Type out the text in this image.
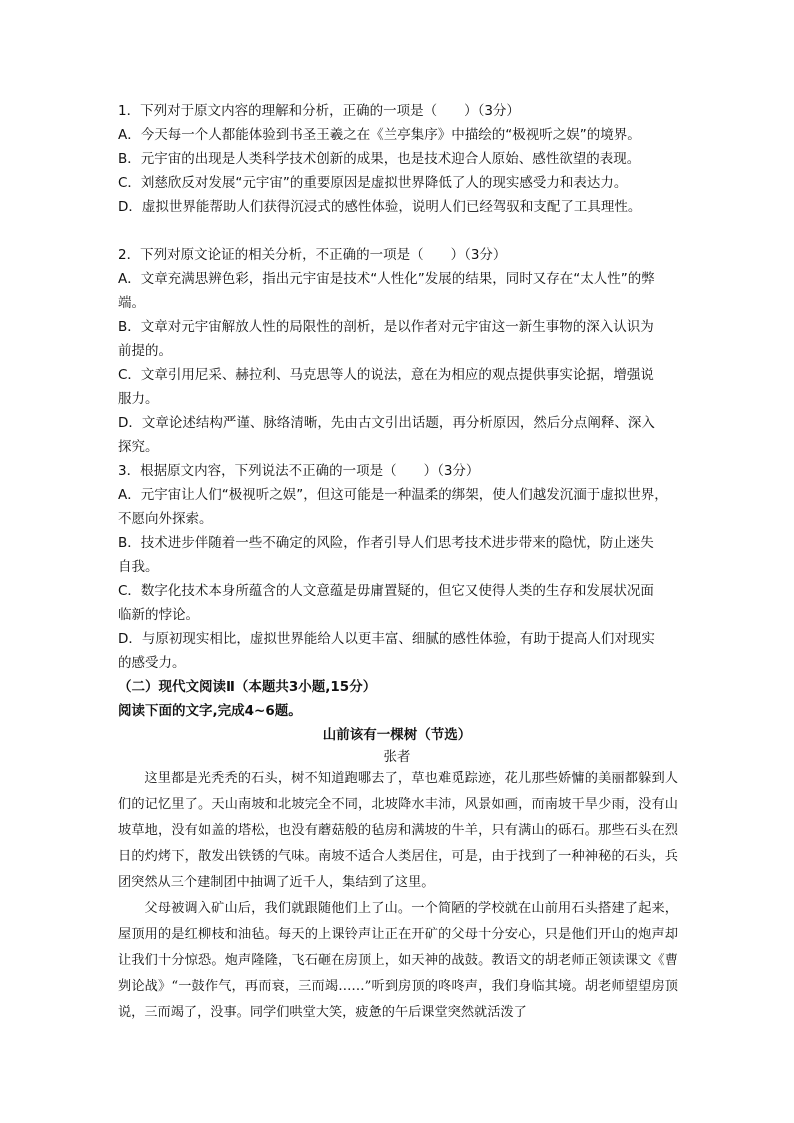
1．下列对于原文内容的理解和分析，正确的一项是（　　）（3分）
A．今天每一个人都能体验到书圣王羲之在《兰亭集序》中描绘的“极视听之娱”的境界。
B．元宇宙的出现是人类科学技术创新的成果，也是技术迎合人原始、感性欲望的表现。
C．刘慈欣反对发展“元宇宙”的重要原因是虚拟世界降低了人的现实感受力和表达力。
D．虚拟世界能帮助人们获得沉浸式的感性体验，说明人们已经驾驭和支配了工具理性。
2．下列对原文论证的相关分析，不正确的一项是（　　）（3分）
A．文章充满思辨色彩，指出元宇宙是技术“人性化”发展的结果，同时又存在“太人性”的弊
端。
B．文章对元宇宙解放人性的局限性的剖析，是以作者对元宇宙这一新生事物的深入认识为
前提的。
C．文章引用尼采、赫拉利、马克思等人的说法，意在为相应的观点提供事实论据，增强说
服力。
D．文章论述结构严谨、脉络清晰，先由古文引出话题，再分析原因，然后分点阐释、深入
探究。
3．根据原文内容，下列说法不正确的一项是（　　）（3分）
A．元宇宙让人们“极视听之娱”，但这可能是一种温柔的绑架，使人们越发沉湎于虚拟世界，
不愿向外探索。
B．技术进步伴随着一些不确定的风险，作者引导人们思考技术进步带来的隐忧，防止迷失
自我。
C．数字化技术本身所蕴含的人文意蕴是毋庸置疑的，但它又使得人类的生存和发展状况面
临新的悖论。
D．与原初现实相比，虚拟世界能给人以更丰富、细腻的感性体验，有助于提高人们对现实
的感受力。
（二）现代文阅读Ⅱ（本题共3小题,15分）
阅读下面的文字,完成4~6题。
山前该有一棵树（节选）
张者

这里都是光秃秃的石头，树不知道跑哪去了，草也难觅踪迹，花儿那些娇慵的美丽都躲到人们的记忆里了。天山南坡和北坡完全不同，北坡降水丰沛，风景如画，而南坡干旱少雨，没有山坡草地，没有如盖的塔松，也没有蘑菇般的毡房和满坡的牛羊，只有满山的砾石。那些石头在烈日的灼烤下，散发出铁锈的气味。南坡不适合人类居住，可是，由于找到了一种神秘的石头，兵团突然从三个建制团中抽调了近千人，集结到了这里。

父母被调入矿山后，我们就跟随他们上了山。一个简陋的学校就在山前用石头搭建了起来，屋顶用的是红柳枝和油毡。每天的上课铃声让正在开矿的父母十分安心，只是他们开山的炮声却让我们十分惊恐。炮声隆隆，飞石砸在房顶上，如天神的战鼓。教语文的胡老师正领读课文《曹刿论战》“一鼓作气，再而衰，三而竭……”听到房顶的咚咚声，我们身临其境。胡老师望望房顶说，三而竭了，没事。同学们哄堂大笑，疲惫的午后课堂突然就活泼了
